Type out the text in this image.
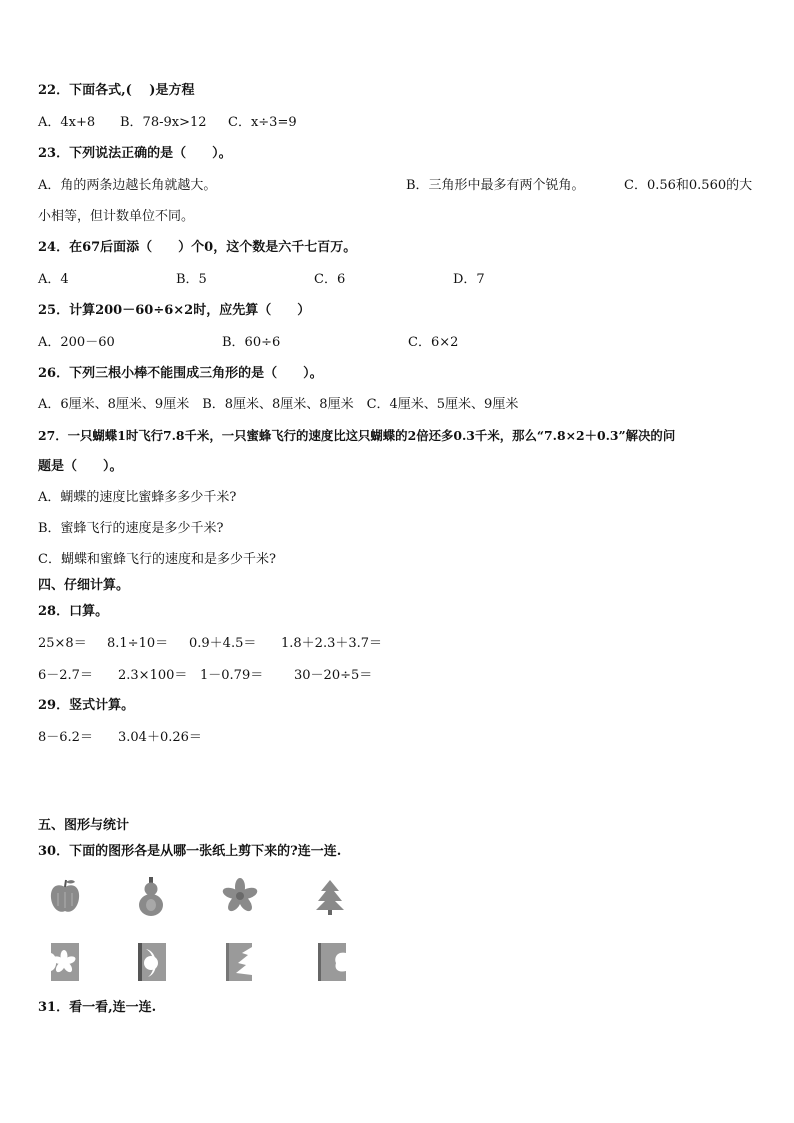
22．下面各式,(　 )是方程
A．4x+8 B．78-9x>12 C．x÷3=9
23．下列说法正确的是（　　）。
A．角的两条边越长角就越大。	B．三角形中最多有两个锐角。	C．0.56和0.560的大
小相等，但计数单位不同。
24．在67后面添（　　）个0，这个数是六千七百万。
A．4	B．5	C．6	D．7
25．计算200－60÷6×2时，应先算（　　）
A．200－60	B．60÷6	C．6×2
26．下列三根小棒不能围成三角形的是（　　）。
A．6厘米、8厘米、9厘米　B．8厘米、8厘米、8厘米　C．4厘米、5厘米、9厘米
27．一只蝴蝶1时飞行7.8千米，一只蜜蜂飞行的速度比这只蝴蝶的2倍还多0.3千米，那么“7.8×2＋0.3”解决的问
题是（　　）。
A．蝴蝶的速度比蜜蜂多多少千米?
B．蜜蜂飞行的速度是多少千米?
C．蝴蝶和蜜蜂飞行的速度和是多少千米?
四、仔细计算。
28．口算。
25×8＝ 8.1÷10＝ 0.9＋4.5＝ 1.8＋2.3＋3.7＝
6－2.7＝ 2.3×100＝ 1－0.79＝ 30－20÷5＝
29．竖式计算。
8－6.2＝ 3.04＋0.26＝
五、图形与统计
30．下面的图形各是从哪一张纸上剪下来的?连一连.
31．看一看,连一连.
